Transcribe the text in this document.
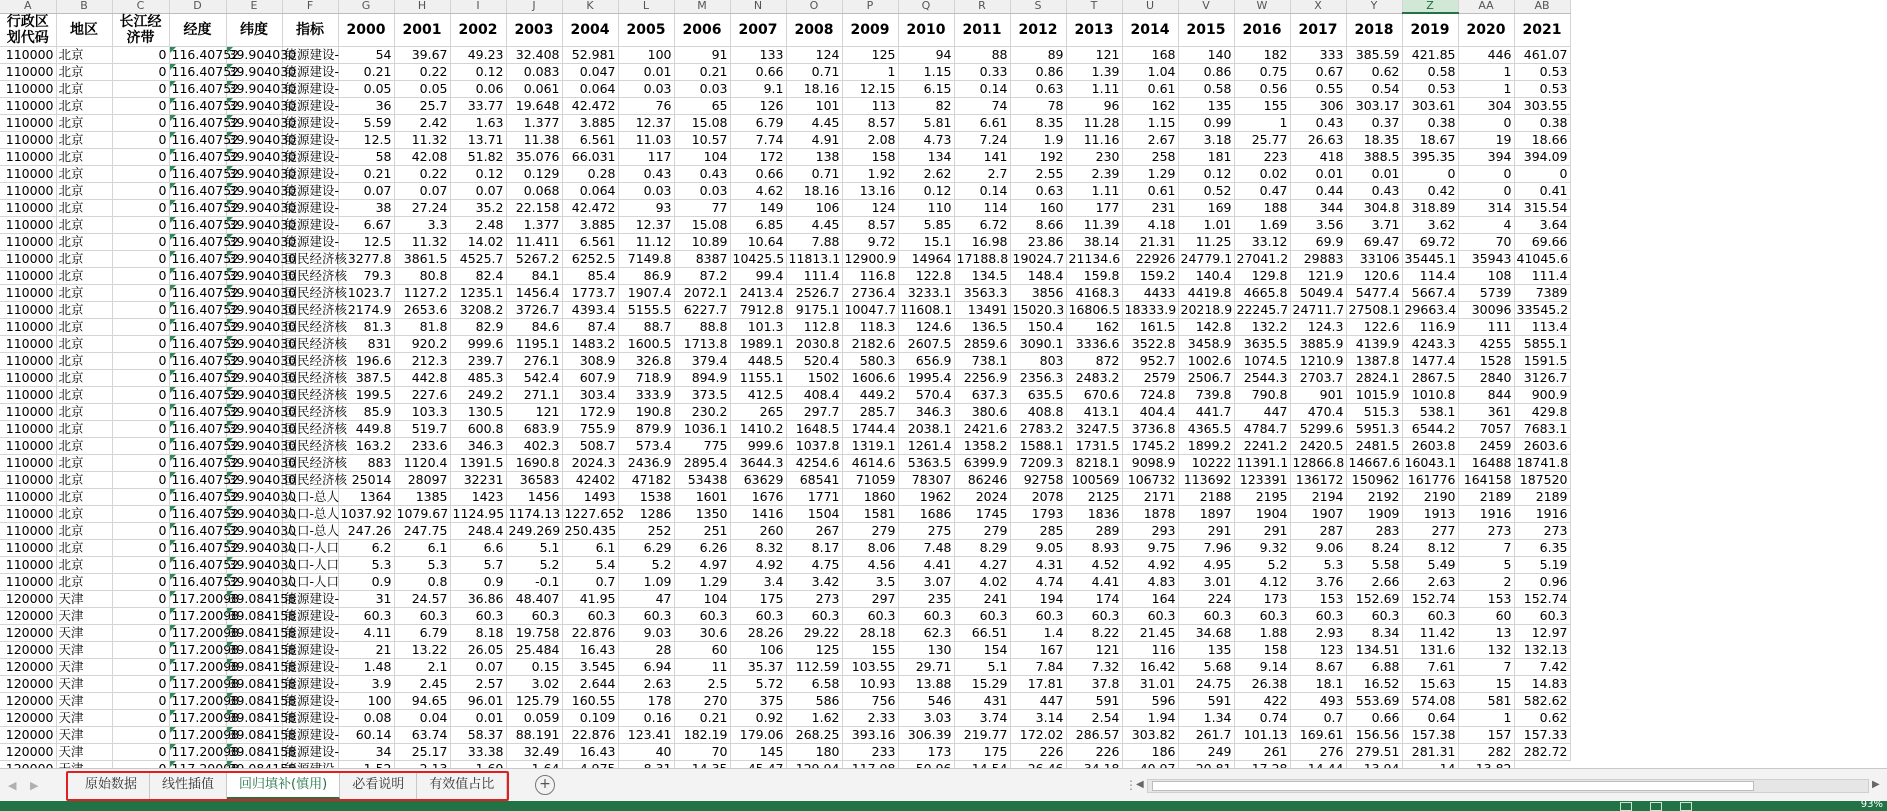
A	B	C	D	E	F	G	H	I	J	K	L	M	N	O	P	Q	R	S	T	U	V	W	X	Y	Z	AA	AB
行政区划代码	地区	长江经济带	经度	纬度	指标	2000	2001	2002	2003	2004	2005	2006	2007	2008	2009	2010	2011	2012	2013	2014	2015	2016	2017	2018	2019	2020	2021
110000	北京	0	116.40752	39.904030	能源建设-	54	39.67	49.23	32.408	52.981	100	91	133	124	125	94	88	89	121	168	140	182	333	385.59	421.85	446	461.07
110000	北京	0	116.40752	39.904030	能源建设-	0.21	0.22	0.12	0.083	0.047	0.01	0.21	0.66	0.71	1	1.15	0.33	0.86	1.39	1.04	0.86	0.75	0.67	0.62	0.58	1	0.53
110000	北京	0	116.40752	39.904030	能源建设-	0.05	0.05	0.06	0.061	0.064	0.03	0.03	9.1	18.16	12.15	6.15	0.14	0.63	1.11	0.61	0.58	0.56	0.55	0.54	0.53	1	0.53
110000	北京	0	116.40752	39.904030	能源建设-	36	25.7	33.77	19.648	42.472	76	65	126	101	113	82	74	78	96	162	135	155	306	303.17	303.61	304	303.55
110000	北京	0	116.40752	39.904030	能源建设-	5.59	2.42	1.63	1.377	3.885	12.37	15.08	6.79	4.45	8.57	5.81	6.61	8.35	11.28	1.15	0.99	1	0.43	0.37	0.38	0	0.38
110000	北京	0	116.40752	39.904030	能源建设-	12.5	11.32	13.71	11.38	6.561	11.03	10.57	7.74	4.91	2.08	4.73	7.24	1.9	11.16	2.67	3.18	25.77	26.63	18.35	18.67	19	18.66
110000	北京	0	116.40752	39.904030	能源建设-	58	42.08	51.82	35.076	66.031	117	104	172	138	158	134	141	192	230	258	181	223	418	388.5	395.35	394	394.09
110000	北京	0	116.40752	39.904030	能源建设-	0.21	0.22	0.12	0.129	0.28	0.43	0.43	0.66	0.71	1.92	2.62	2.7	2.55	2.39	1.29	0.12	0.02	0.01	0.01	0	0	0
110000	北京	0	116.40752	39.904030	能源建设-	0.07	0.07	0.07	0.068	0.064	0.03	0.03	4.62	18.16	13.16	0.12	0.14	0.63	1.11	0.61	0.52	0.47	0.44	0.43	0.42	0	0.41
110000	北京	0	116.40752	39.904030	能源建设-	38	27.24	35.2	22.158	42.472	93	77	149	106	124	110	114	160	177	231	169	188	344	304.8	318.89	314	315.54
110000	北京	0	116.40752	39.904030	能源建设-	6.67	3.3	2.48	1.377	3.885	12.37	15.08	6.85	4.45	8.57	5.85	6.72	8.66	11.39	4.18	1.01	1.69	3.56	3.71	3.62	4	3.64
110000	北京	0	116.40752	39.904030	能源建设-	12.5	11.32	14.02	11.411	6.561	11.12	10.89	10.64	7.88	9.72	15.1	16.98	23.86	38.14	21.31	11.25	33.12	69.9	69.47	69.72	70	69.66
110000	北京	0	116.40752	39.904030	国民经济核	3277.8	3861.5	4525.7	5267.2	6252.5	7149.8	8387	10425.5	11813.1	12900.9	14964	17188.8	19024.7	21134.6	22926	24779.1	27041.2	29883	33106	35445.1	35943	41045.6
110000	北京	0	116.40752	39.904030	国民经济核	79.3	80.8	82.4	84.1	85.4	86.9	87.2	99.4	111.4	116.8	122.8	134.5	148.4	159.8	159.2	140.4	129.8	121.9	120.6	114.4	108	111.4
110000	北京	0	116.40752	39.904030	国民经济核	1023.7	1127.2	1235.1	1456.4	1773.7	1907.4	2072.1	2413.4	2526.7	2736.4	3233.1	3563.3	3856	4168.3	4433	4419.8	4665.8	5049.4	5477.4	5667.4	5739	7389
110000	北京	0	116.40752	39.904030	国民经济核	2174.9	2653.6	3208.2	3726.7	4393.4	5155.5	6227.7	7912.8	9175.1	10047.7	11608.1	13491	15020.3	16806.5	18333.9	20218.9	22245.7	24711.7	27508.1	29663.4	30096	33545.2
110000	北京	0	116.40752	39.904030	国民经济核	81.3	81.8	82.9	84.6	87.4	88.7	88.8	101.3	112.8	118.3	124.6	136.5	150.4	162	161.5	142.8	132.2	124.3	122.6	116.9	111	113.4
110000	北京	0	116.40752	39.904030	国民经济核	831	920.2	999.6	1195.1	1483.2	1600.5	1713.8	1989.1	2030.8	2182.6	2607.5	2859.6	3090.1	3336.6	3522.8	3458.9	3635.5	3885.9	4139.9	4243.3	4255	5855.1
110000	北京	0	116.40752	39.904030	国民经济核	196.6	212.3	239.7	276.1	308.9	326.8	379.4	448.5	520.4	580.3	656.9	738.1	803	872	952.7	1002.6	1074.5	1210.9	1387.8	1477.4	1528	1591.5
110000	北京	0	116.40752	39.904030	国民经济核	387.5	442.8	485.3	542.4	607.9	718.9	894.9	1155.1	1502	1606.6	1995.4	2256.9	2356.3	2483.2	2579	2506.7	2544.3	2703.7	2824.1	2867.5	2840	3126.7
110000	北京	0	116.40752	39.904030	国民经济核	199.5	227.6	249.2	271.1	303.4	333.9	373.5	412.5	408.4	449.2	570.4	637.3	635.5	670.6	724.8	739.8	790.8	901	1015.9	1010.8	844	900.9
110000	北京	0	116.40752	39.904030	国民经济核	85.9	103.3	130.5	121	172.9	190.8	230.2	265	297.7	285.7	346.3	380.6	408.8	413.1	404.4	441.7	447	470.4	515.3	538.1	361	429.8
110000	北京	0	116.40752	39.904030	国民经济核	449.8	519.7	600.8	683.9	755.9	879.9	1036.1	1410.2	1648.5	1744.4	2038.1	2421.6	2783.2	3247.5	3736.8	4365.5	4784.7	5299.6	5951.3	6544.2	7057	7683.1
110000	北京	0	116.40752	39.904030	国民经济核	163.2	233.6	346.3	402.3	508.7	573.4	775	999.6	1037.8	1319.1	1261.4	1358.2	1588.1	1731.5	1745.2	1899.2	2241.2	2420.5	2481.5	2603.8	2459	2603.6
110000	北京	0	116.40752	39.904030	国民经济核	883	1120.4	1391.5	1690.8	2024.3	2436.9	2895.4	3644.3	4254.6	4614.6	5363.5	6399.9	7209.3	8218.1	9098.9	10222	11391.1	12866.8	14667.6	16043.1	16488	18741.8
110000	北京	0	116.40752	39.904030	国民经济核	25014	28097	32231	36583	42402	47182	53438	63629	68541	71059	78307	86246	92758	100569	106732	113692	123391	136172	150962	161776	164158	187520
110000	北京	0	116.40752	39.904030	人口-总人	1364	1385	1423	1456	1493	1538	1601	1676	1771	1860	1962	2024	2078	2125	2171	2188	2195	2194	2192	2190	2189	2189
110000	北京	0	116.40752	39.904030	人口-总人	1037.92	1079.67	1124.95	1174.13	1227.652	1286	1350	1416	1504	1581	1686	1745	1793	1836	1878	1897	1904	1907	1909	1913	1916	1916
110000	北京	0	116.40752	39.904030	人口-总人	247.26	247.75	248.4	249.269	250.435	252	251	260	267	279	275	279	285	289	293	291	291	287	283	277	273	273
110000	北京	0	116.40752	39.904030	人口-人口	6.2	6.1	6.6	5.1	6.1	6.29	6.26	8.32	8.17	8.06	7.48	8.29	9.05	8.93	9.75	7.96	9.32	9.06	8.24	8.12	7	6.35
110000	北京	0	116.40752	39.904030	人口-人口	5.3	5.3	5.7	5.2	5.4	5.2	4.97	4.92	4.75	4.56	4.41	4.27	4.31	4.52	4.92	4.95	5.2	5.3	5.58	5.49	5	5.19
110000	北京	0	116.40752	39.904030	人口-人口	0.9	0.8	0.9	-0.1	0.7	1.09	1.29	3.4	3.42	3.5	3.07	4.02	4.74	4.41	4.83	3.01	4.12	3.76	2.66	2.63	2	0.96
120000	天津	0	117.20098	39.084158	能源建设-	31	24.57	36.86	48.407	41.95	47	104	175	273	297	235	241	194	174	164	224	173	153	152.69	152.74	153	152.74
120000	天津	0	117.20098	39.084158	能源建设-	60.3	60.3	60.3	60.3	60.3	60.3	60.3	60.3	60.3	60.3	60.3	60.3	60.3	60.3	60.3	60.3	60.3	60.3	60.3	60.3	60	60.3
120000	天津	0	117.20098	39.084158	能源建设-	4.11	6.79	8.18	19.758	22.876	9.03	30.6	28.26	29.22	28.18	62.3	66.51	1.4	8.22	21.45	34.68	1.88	2.93	8.34	11.42	13	12.97
120000	天津	0	117.20098	39.084158	能源建设-	21	13.22	26.05	25.484	16.43	28	60	106	125	155	130	154	167	121	116	135	158	123	134.51	131.6	132	132.13
120000	天津	0	117.20098	39.084158	能源建设-	1.48	2.1	0.07	0.15	3.545	6.94	11	35.37	112.59	103.55	29.71	5.1	7.84	7.32	16.42	5.68	9.14	8.67	6.88	7.61	7	7.42
120000	天津	0	117.20098	39.084158	能源建设-	3.9	2.45	2.57	3.02	2.644	2.63	2.5	5.72	6.58	10.93	13.88	15.29	17.81	37.8	31.01	24.75	26.38	18.1	16.52	15.63	15	14.83
120000	天津	0	117.20098	39.084158	能源建设-	100	94.65	96.01	125.79	160.55	178	270	375	586	756	546	431	447	591	596	591	422	493	553.69	574.08	581	582.62
120000	天津	0	117.20098	39.084158	能源建设-	0.08	0.04	0.01	0.059	0.109	0.16	0.21	0.92	1.62	2.33	3.03	3.74	3.14	2.54	1.94	1.34	0.74	0.7	0.66	0.64	1	0.62
120000	天津	0	117.20098	39.084158	能源建设-	60.14	63.74	58.37	88.191	22.876	123.41	182.19	179.06	268.25	393.16	306.39	219.77	172.02	286.57	303.82	261.7	101.13	169.61	156.56	157.38	157	157.33
120000	天津	0	117.20098	39.084158	能源建设-	34	25.17	33.38	32.49	16.43	40	70	145	180	233	173	175	226	226	186	249	261	276	279.51	281.31	282	282.72

◀ ▶	原始数据	线性插值	回归填补(慎用)	必看说明	有效值占比	+	⋮ ◀	▶
93%
